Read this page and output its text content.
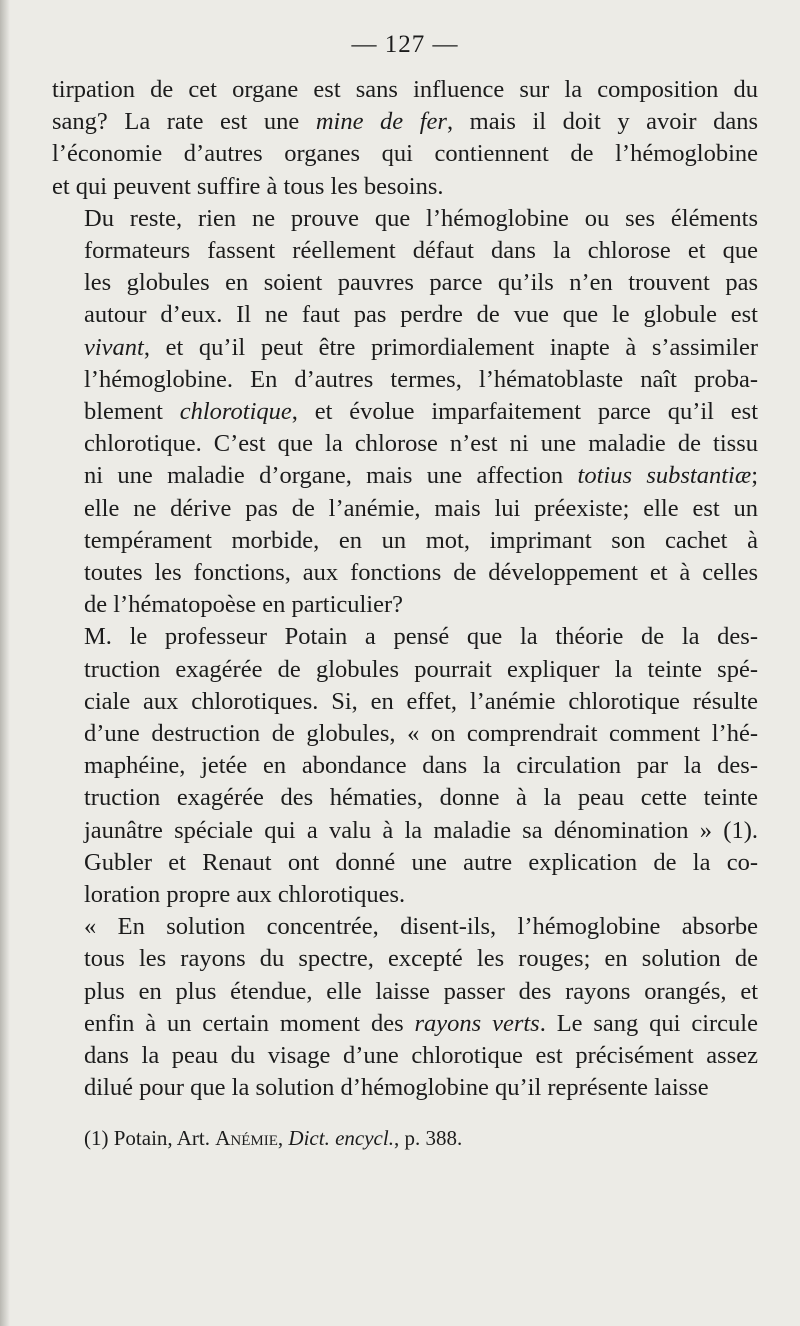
— 127 —

tirpation de cet organe est sans influence sur la composition du
sang? La rate est une mine de fer, mais il doit y avoir dans
l’économie d’autres organes qui contiennent de l’hémoglobine
et qui peuvent suffire à tous les besoins.

Du reste, rien ne prouve que l’hémoglobine ou ses éléments
formateurs fassent réellement défaut dans la chlorose et que
les globules en soient pauvres parce qu’ils n’en trouvent pas
autour d’eux. Il ne faut pas perdre de vue que le globule est
vivant, et qu’il peut être primordialement inapte à s’assimiler
l’hémoglobine. En d’autres termes, l’hématoblaste naît proba-
blement chlorotique, et évolue imparfaitement parce qu’il est
chlorotique. C’est que la chlorose n’est ni une maladie de tissu
ni une maladie d’organe, mais une affection totius substantiæ;
elle ne dérive pas de l’anémie, mais lui préexiste; elle est un
tempérament morbide, en un mot, imprimant son cachet à
toutes les fonctions, aux fonctions de développement et à celles
de l’hématopoèse en particulier?

M. le professeur Potain a pensé que la théorie de la des-
truction exagérée de globules pourrait expliquer la teinte spé-
ciale aux chlorotiques. Si, en effet, l’anémie chlorotique résulte
d’une destruction de globules, « on comprendrait comment l’hé-
maphéine, jetée en abondance dans la circulation par la des-
truction exagérée des hématies, donne à la peau cette teinte
jaunâtre spéciale qui a valu à la maladie sa dénomination » (1).
Gubler et Renaut ont donné une autre explication de la co-
loration propre aux chlorotiques.

« En solution concentrée, disent-ils, l’hémoglobine absorbe
tous les rayons du spectre, excepté les rouges; en solution de
plus en plus étendue, elle laisse passer des rayons orangés, et
enfin à un certain moment des rayons verts. Le sang qui circule
dans la peau du visage d’une chlorotique est précisément assez
dilué pour que la solution d’hémoglobine qu’il représente laisse

(1) Potain, Art. Anémie, Dict. encycl., p. 388.
